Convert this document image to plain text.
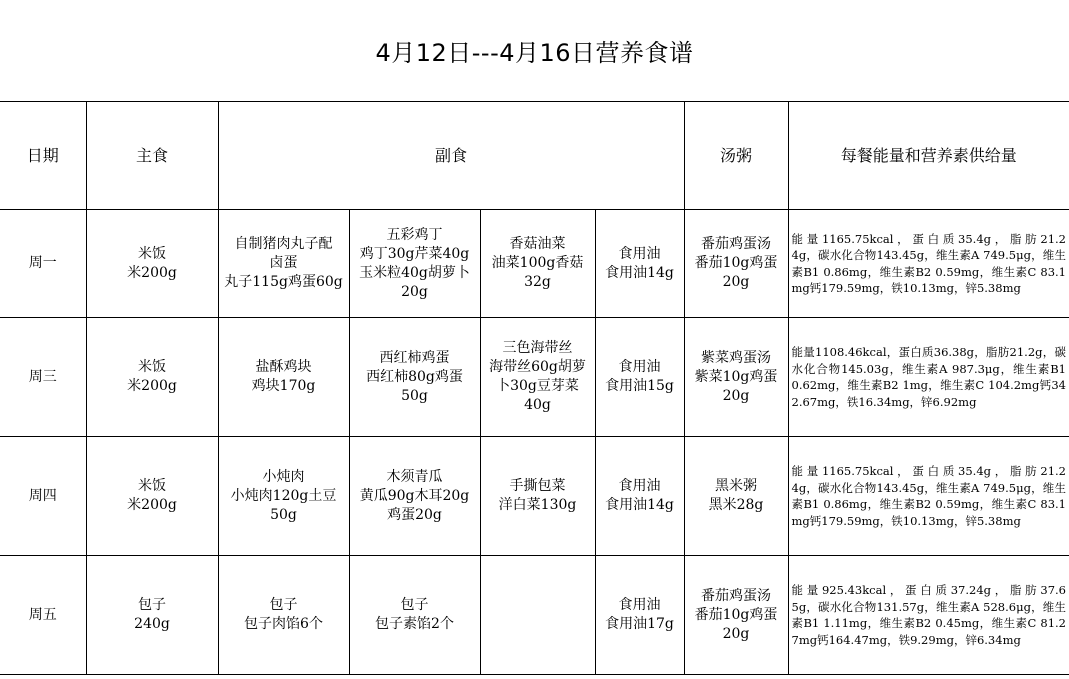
4月12日---4月16日营养食谱
日期	主食	副食				汤粥	每餐能量和营养素供给量

周一	米饭
米200g	自制猪肉丸子配
卤蛋
丸子115g鸡蛋60g	五彩鸡丁
鸡丁30g芹菜40g
玉米粒40g胡萝卜
20g	香菇油菜
油菜100g香菇
32g	食用油
食用油14g	番茄鸡蛋汤
番茄10g鸡蛋
20g	能 量 1165.75kcal ， 蛋 白 质 35.4g ， 脂 肪 21.24g，碳水化合物143.45g，维生素A 749.5μg，维生素B1 0.86mg，维生素B2 0.59mg，维生素C 83.1mg钙179.59mg，铁10.13mg，锌5.38mg

周三	米饭
米200g	盐酥鸡块
鸡块170g	西红柿鸡蛋
西红柿80g鸡蛋
50g	三色海带丝
海带丝60g胡萝
卜30g豆芽菜
40g	食用油
食用油15g	紫菜鸡蛋汤
紫菜10g鸡蛋
20g	能量1108.46kcal，蛋白质36.38g，脂肪21.2g，碳水化合物145.03g，维生素A 987.3μg，维生素B1 0.62mg，维生素B2 1mg，维生素C 104.2mg钙342.67mg，铁16.34mg，锌6.92mg

周四	米饭
米200g	小炖肉
小炖肉120g土豆
50g	木须青瓜
黄瓜90g木耳20g
鸡蛋20g	手撕包菜
洋白菜130g	食用油
食用油14g	黑米粥
黑米28g	能 量 1165.75kcal ， 蛋 白 质 35.4g ， 脂 肪 21.24g，碳水化合物143.45g，维生素A 749.5μg，维生素B1 0.86mg，维生素B2 0.59mg，维生素C 83.1mg钙179.59mg，铁10.13mg，锌5.38mg

周五	包子
240g	包子
包子肉馅6个	包子
包子素馅2个		食用油
食用油17g	番茄鸡蛋汤
番茄10g鸡蛋
20g	能 量 925.43kcal ， 蛋 白 质 37.24g ， 脂 肪 37.65g，碳水化合物131.57g，维生素A 528.6μg，维生素B1 1.11mg，维生素B2 0.45mg，维生素C 81.27mg钙164.47mg，铁9.29mg，锌6.34mg
